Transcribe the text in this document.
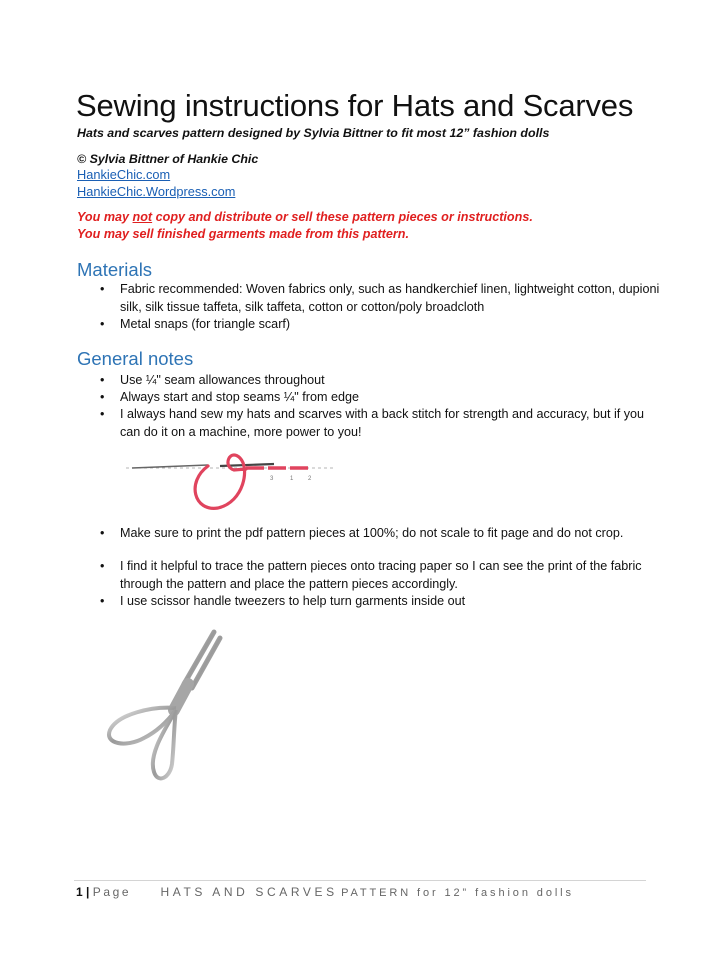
Sewing instructions for Hats and Scarves
Hats and scarves pattern designed by Sylvia Bittner to fit most 12” fashion dolls
© Sylvia Bittner of Hankie Chic
HankieChic.com
HankieChic.Wordpress.com
You may not copy and distribute or sell these pattern pieces or instructions.
You may sell finished garments made from this pattern.
Materials
• Fabric recommended: Woven fabrics only, such as handkerchief linen, lightweight cotton, dupioni silk, silk tissue taffeta, silk taffeta, cotton or cotton/poly broadcloth
• Metal snaps (for triangle scarf)
General notes
• Use ¼" seam allowances throughout
• Always start and stop seams ¼" from edge
• I always hand sew my hats and scarves with a back stitch for strength and accuracy, but if you can do it on a machine, more power to you!
3	1 2
• Make sure to print the pdf pattern pieces at 100%; do not scale to fit page and do not crop.
• I find it helpful to trace the pattern pieces onto tracing paper so I can see the print of the fabric through the pattern and place the pattern pieces accordingly.
• I use scissor handle tweezers to help turn garments inside out
1 | Page HATS AND SCARVES PATTERN for 12” fashion dolls
